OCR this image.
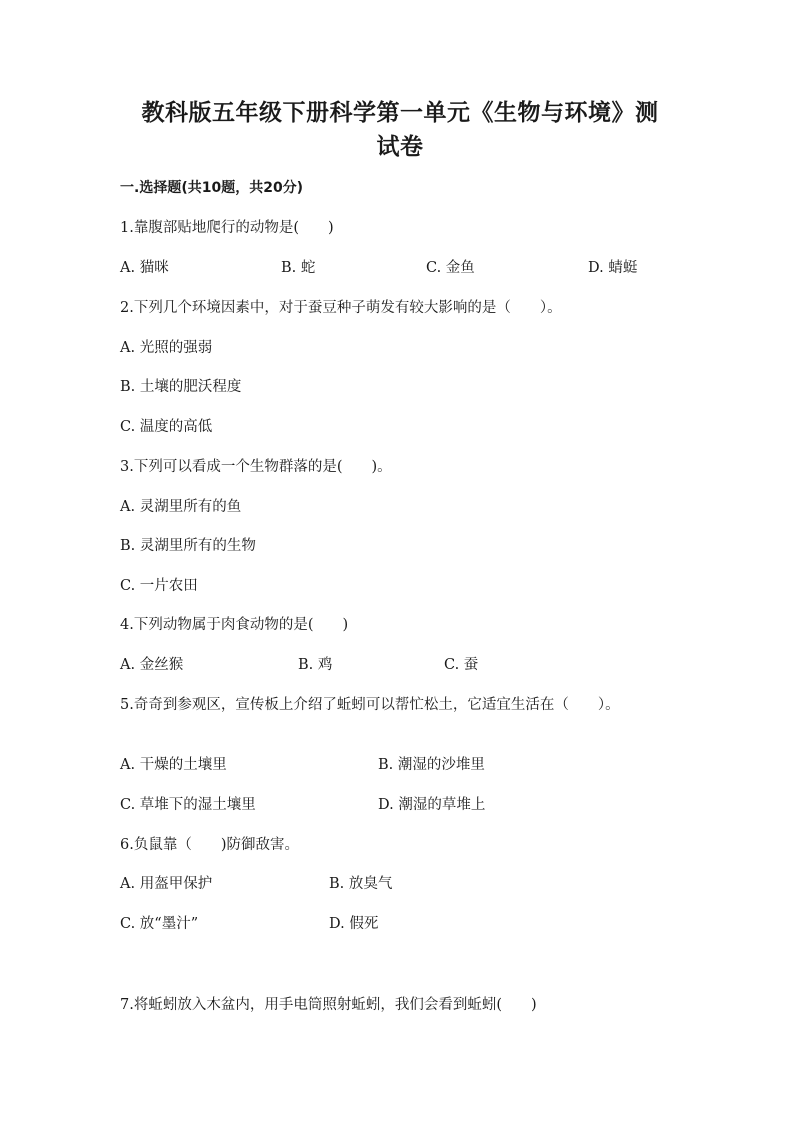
教科版五年级下册科学第一单元《生物与环境》测
试卷
一.选择题(共10题，共20分)
1.靠腹部贴地爬行的动物是(　　)
A. 猫咪	B. 蛇	C. 金鱼	D. 蜻蜓
2.下列几个环境因素中，对于蚕豆种子萌发有较大影响的是（　　）。
A. 光照的强弱
B. 土壤的肥沃程度
C. 温度的高低
3.下列可以看成一个生物群落的是(　　)。
A. 灵湖里所有的鱼
B. 灵湖里所有的生物
C. 一片农田
4.下列动物属于肉食动物的是(　　)
A. 金丝猴	B. 鸡	C. 蚕
5.奇奇到参观区，宣传板上介绍了蚯蚓可以帮忙松土，它适宜生活在（　　）。
A. 干燥的土壤里	B. 潮湿的沙堆里
C. 草堆下的湿土壤里	D. 潮湿的草堆上
6.负鼠靠（　　)防御敌害。
A. 用盔甲保护	B. 放臭气
C. 放“墨汁”	D. 假死
7.将蚯蚓放入木盆内，用手电筒照射蚯蚓，我们会看到蚯蚓(　　)
